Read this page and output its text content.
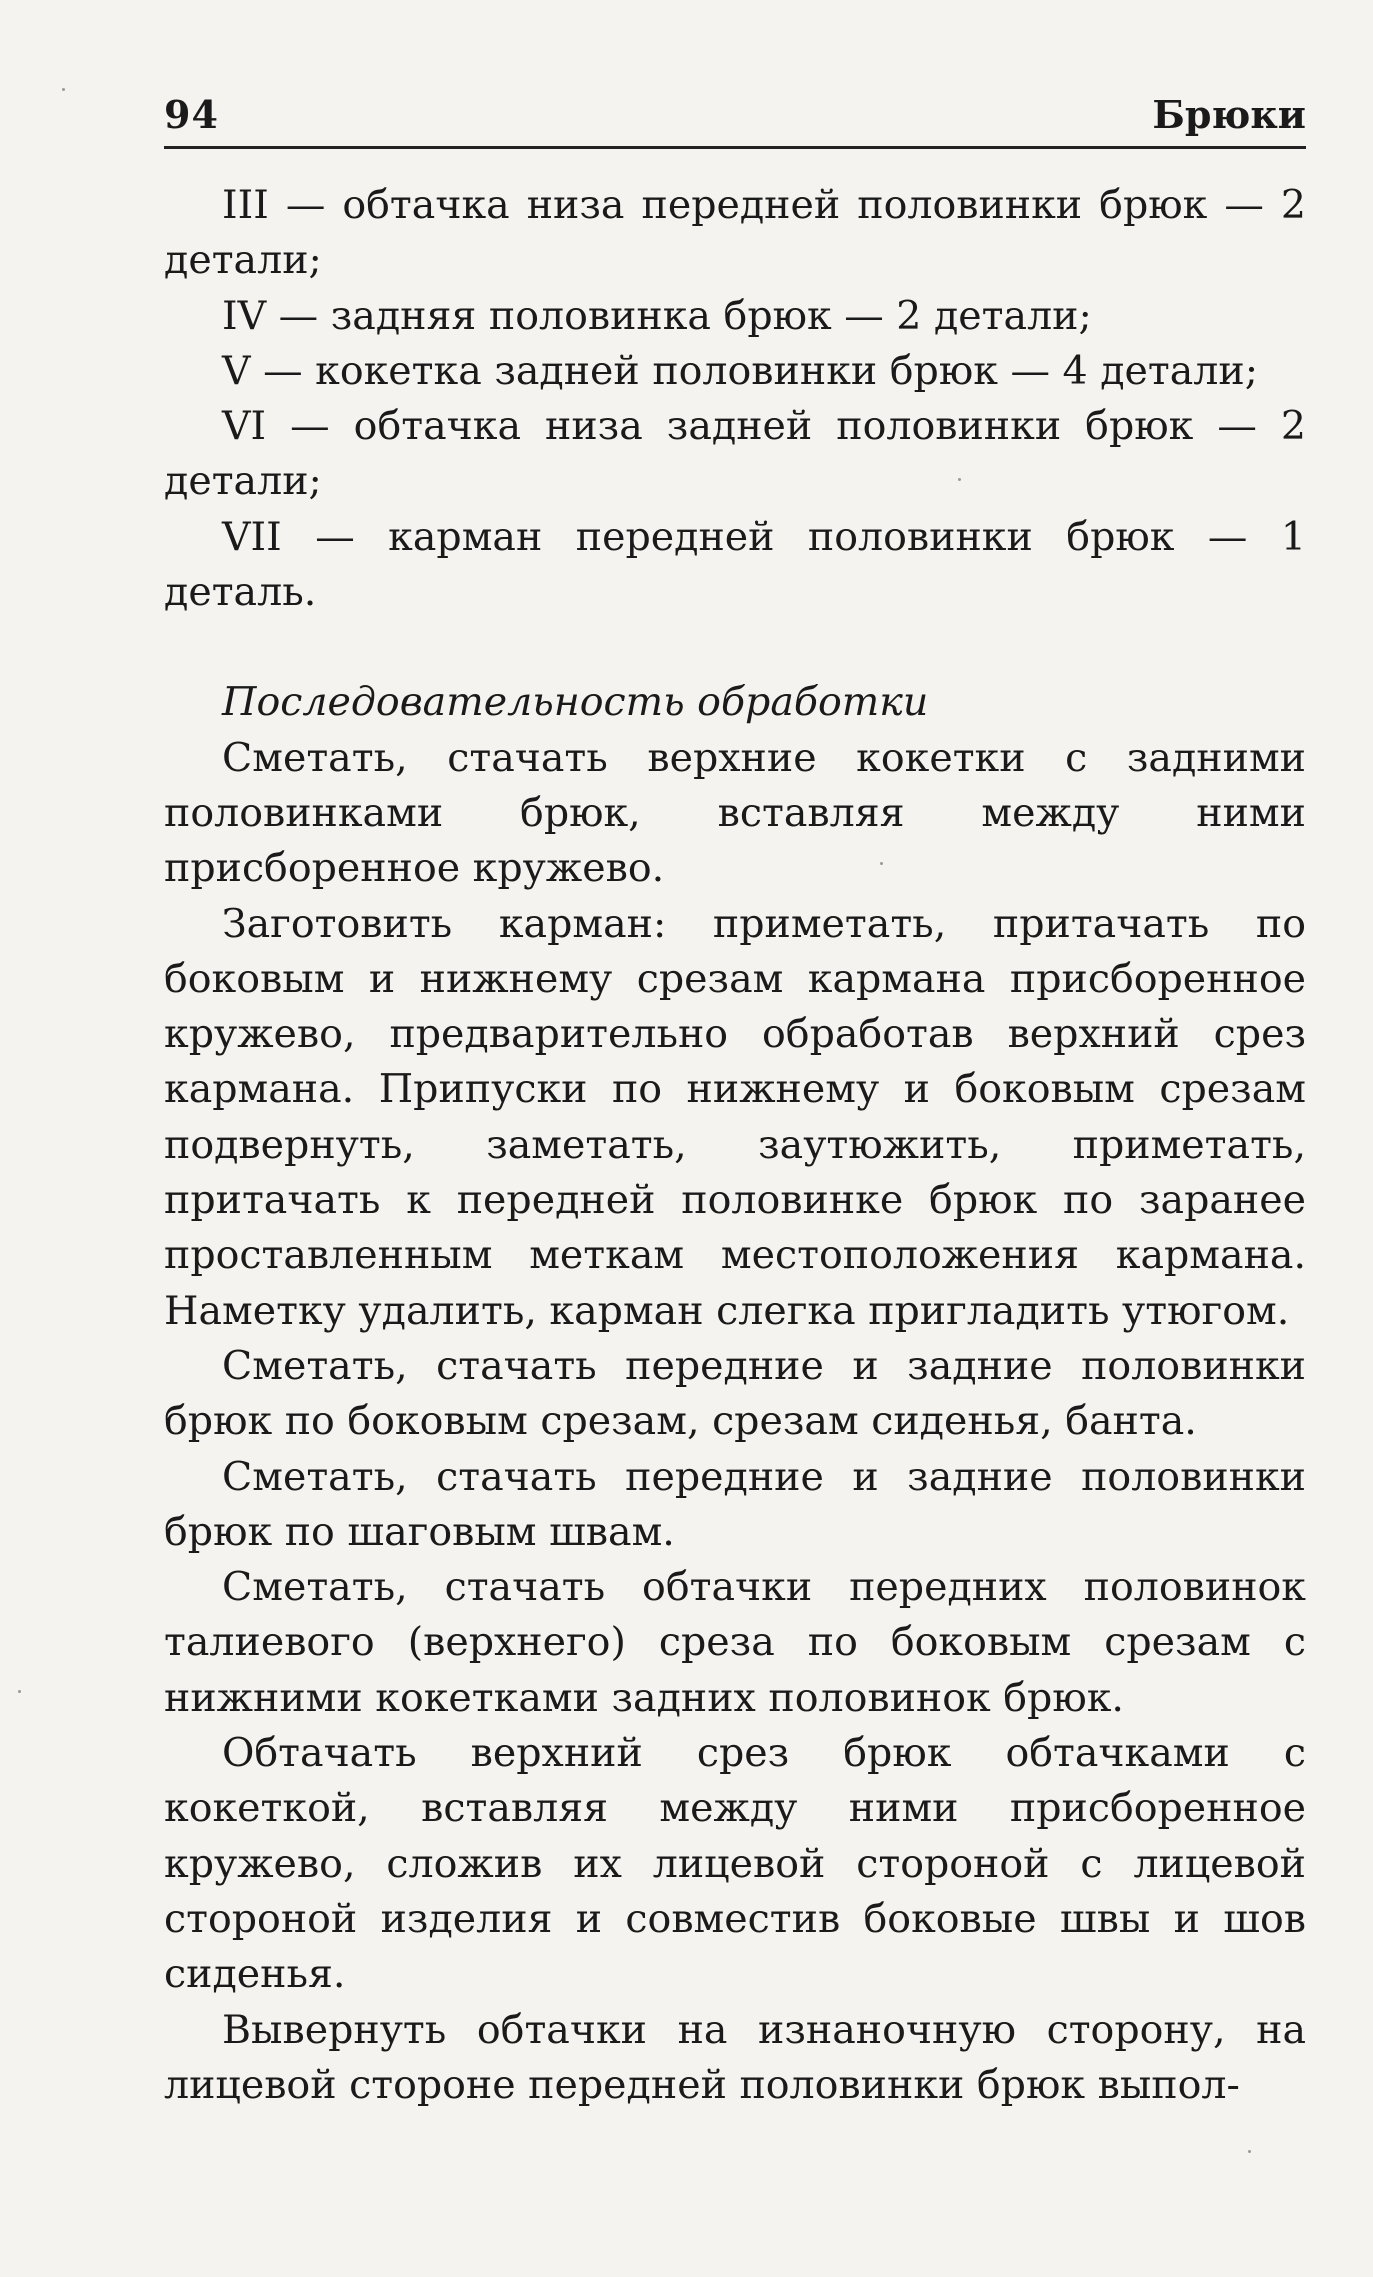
94	Брюки

III — обтачка низа передней половинки брюк — 2 детали;

IV — задняя половинка брюк — 2 детали;

V — кокетка задней половинки брюк — 4 детали;

VI — обтачка низа задней половинки брюк — 2 детали;

VII — карман передней половинки брюк — 1 деталь.

Последовательность обработки

Сметать, стачать верхние кокетки с задними половинками брюк, вставляя между ними присборенное кружево.

Заготовить карман: приметать, притачать по боковым и нижнему срезам кармана присборенное кружево, предварительно обработав верхний срез кармана. Припуски по нижнему и боковым срезам подвернуть, заметать, заутюжить, приметать, притачать к передней половинке брюк по заранее проставленным меткам местоположения кармана. Наметку удалить, карман слегка пригладить утюгом.

Сметать, стачать передние и задние половинки брюк по боковым срезам, срезам сиденья, банта.

Сметать, стачать передние и задние половинки брюк по шаговым швам.

Сметать, стачать обтачки передних половинок талиевого (верхнего) среза по боковым срезам с нижними кокетками задних половинок брюк.

Обтачать верхний срез брюк обтачками с кокеткой, вставляя между ними присборенное кружево, сложив их лицевой стороной с лицевой стороной изделия и совместив боковые швы и шов сиденья.

Вывернуть обтачки на изнаночную сторону, на лицевой стороне передней половинки брюк выпол-
